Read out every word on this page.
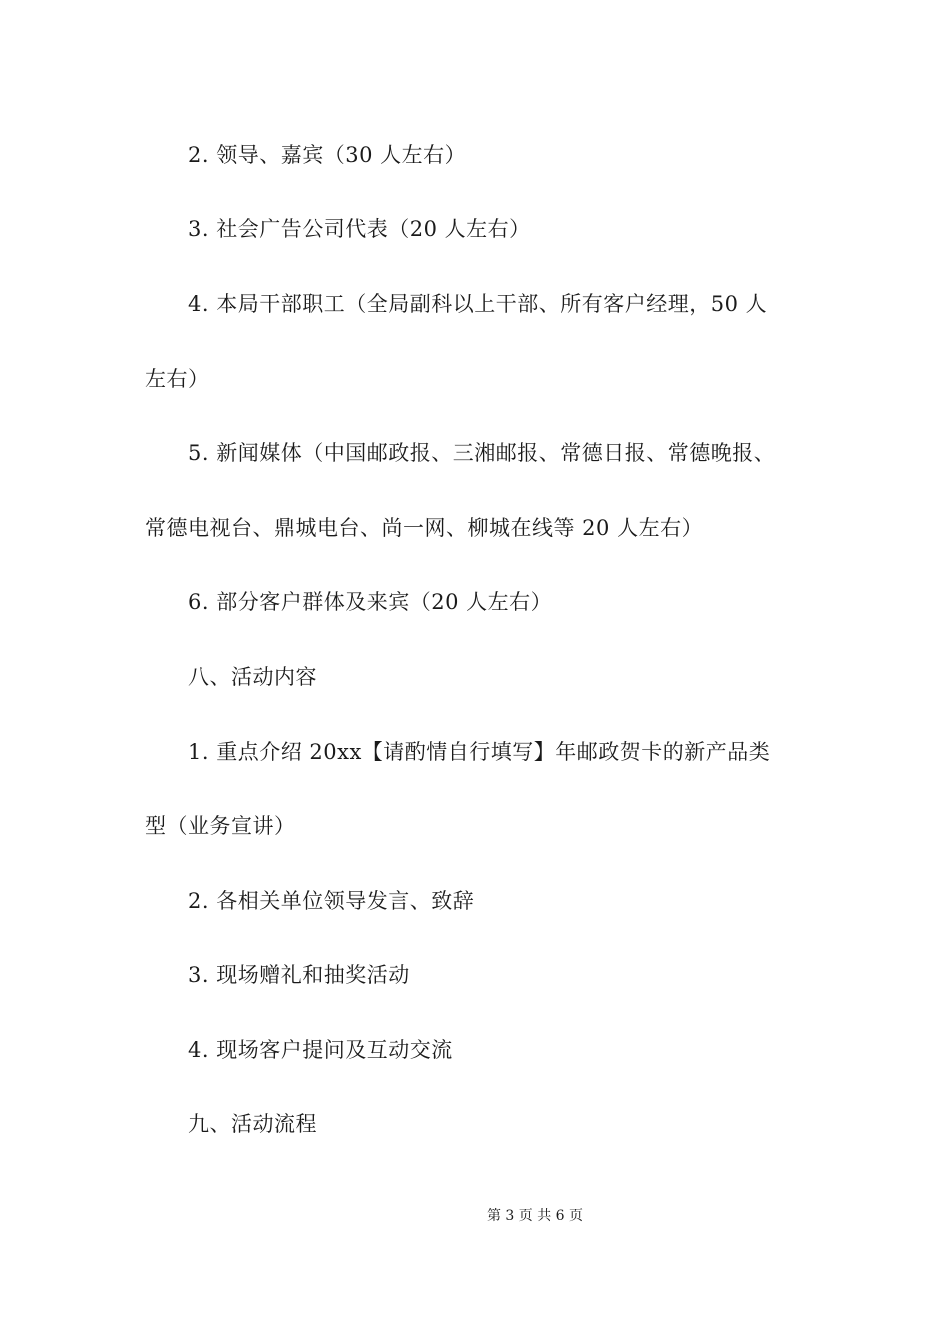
2. 领导、嘉宾（30 人左右）
3. 社会广告公司代表（20 人左右）
4. 本局干部职工（全局副科以上干部、所有客户经理，50 人
左右）
5. 新闻媒体（中国邮政报、三湘邮报、常德日报、常德晚报、
常德电视台、鼎城电台、尚一网、柳城在线等 20 人左右）
6. 部分客户群体及来宾（20 人左右）
八、活动内容
1. 重点介绍 20xx【请酌情自行填写】年邮政贺卡的新产品类
型（业务宣讲）
2. 各相关单位领导发言、致辞
3. 现场赠礼和抽奖活动
4. 现场客户提问及互动交流
九、活动流程
第 3 页 共 6 页
